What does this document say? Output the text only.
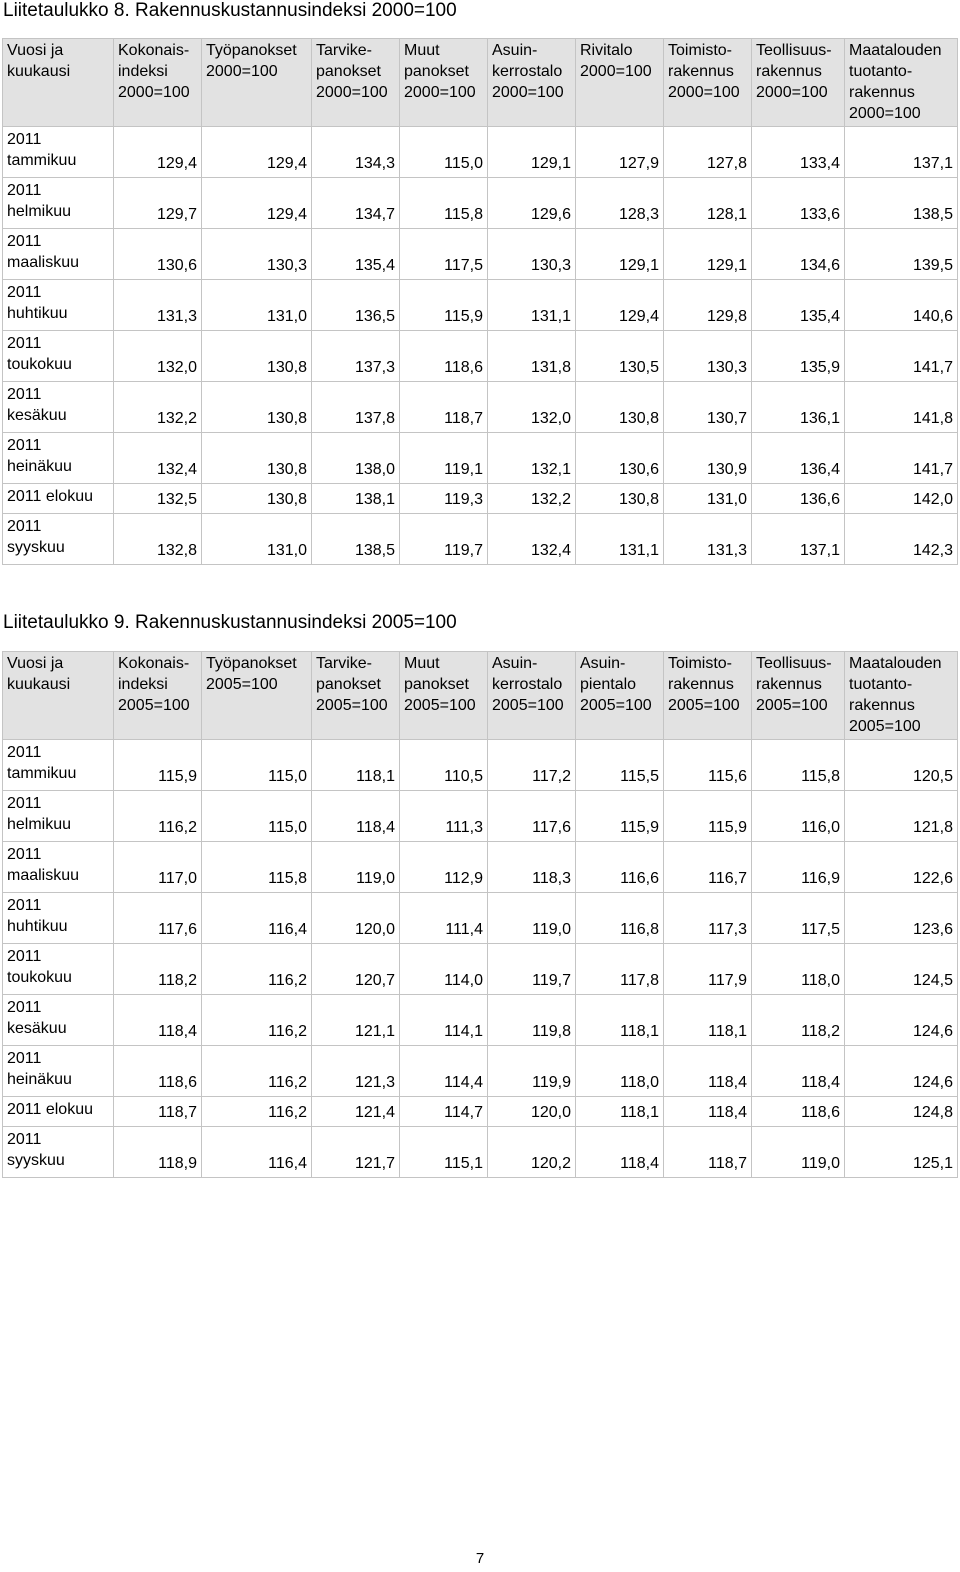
Liitetaulukko 8. Rakennuskustannusindeksi 2000=100
Vuosi ja
kuukausi	Kokonais-
indeksi
2000=100	Työpanokset
2000=100	Tarvike-
panokset
2000=100	Muut
panokset
2000=100	Asuin-
kerrostalo
2000=100	Rivitalo
2000=100	Toimisto-
rakennus
2000=100	Teollisuus-
rakennus
2000=100	Maatalouden
tuotanto-
rakennus
2000=100

2011
tammikuu	129,4	129,4	134,3	115,0	129,1	127,9	127,8	133,4	137,1
2011
helmikuu	129,7	129,4	134,7	115,8	129,6	128,3	128,1	133,6	138,5
2011
maaliskuu	130,6	130,3	135,4	117,5	130,3	129,1	129,1	134,6	139,5
2011
huhtikuu	131,3	131,0	136,5	115,9	131,1	129,4	129,8	135,4	140,6
2011
toukokuu	132,0	130,8	137,3	118,6	131,8	130,5	130,3	135,9	141,7
2011
kesäkuu	132,2	130,8	137,8	118,7	132,0	130,8	130,7	136,1	141,8
2011
heinäkuu	132,4	130,8	138,0	119,1	132,1	130,6	130,9	136,4	141,7
2011 elokuu	132,5	130,8	138,1	119,3	132,2	130,8	131,0	136,6	142,0
2011
syyskuu	132,8	131,0	138,5	119,7	132,4	131,1	131,3	137,1	142,3
Liitetaulukko 9. Rakennuskustannusindeksi 2005=100
Vuosi ja
kuukausi	Kokonais-
indeksi
2005=100	Työpanokset
2005=100	Tarvike-
panokset
2005=100	Muut
panokset
2005=100	Asuin-
kerrostalo
2005=100	Asuin-
pientalo
2005=100	Toimisto-
rakennus
2005=100	Teollisuus-
rakennus
2005=100	Maatalouden
tuotanto-
rakennus
2005=100

2011
tammikuu	115,9	115,0	118,1	110,5	117,2	115,5	115,6	115,8	120,5
2011
helmikuu	116,2	115,0	118,4	111,3	117,6	115,9	115,9	116,0	121,8
2011
maaliskuu	117,0	115,8	119,0	112,9	118,3	116,6	116,7	116,9	122,6
2011
huhtikuu	117,6	116,4	120,0	111,4	119,0	116,8	117,3	117,5	123,6
2011
toukokuu	118,2	116,2	120,7	114,0	119,7	117,8	117,9	118,0	124,5
2011
kesäkuu	118,4	116,2	121,1	114,1	119,8	118,1	118,1	118,2	124,6
2011
heinäkuu	118,6	116,2	121,3	114,4	119,9	118,0	118,4	118,4	124,6
2011 elokuu	118,7	116,2	121,4	114,7	120,0	118,1	118,4	118,6	124,8
2011
syyskuu	118,9	116,4	121,7	115,1	120,2	118,4	118,7	119,0	125,1
7
